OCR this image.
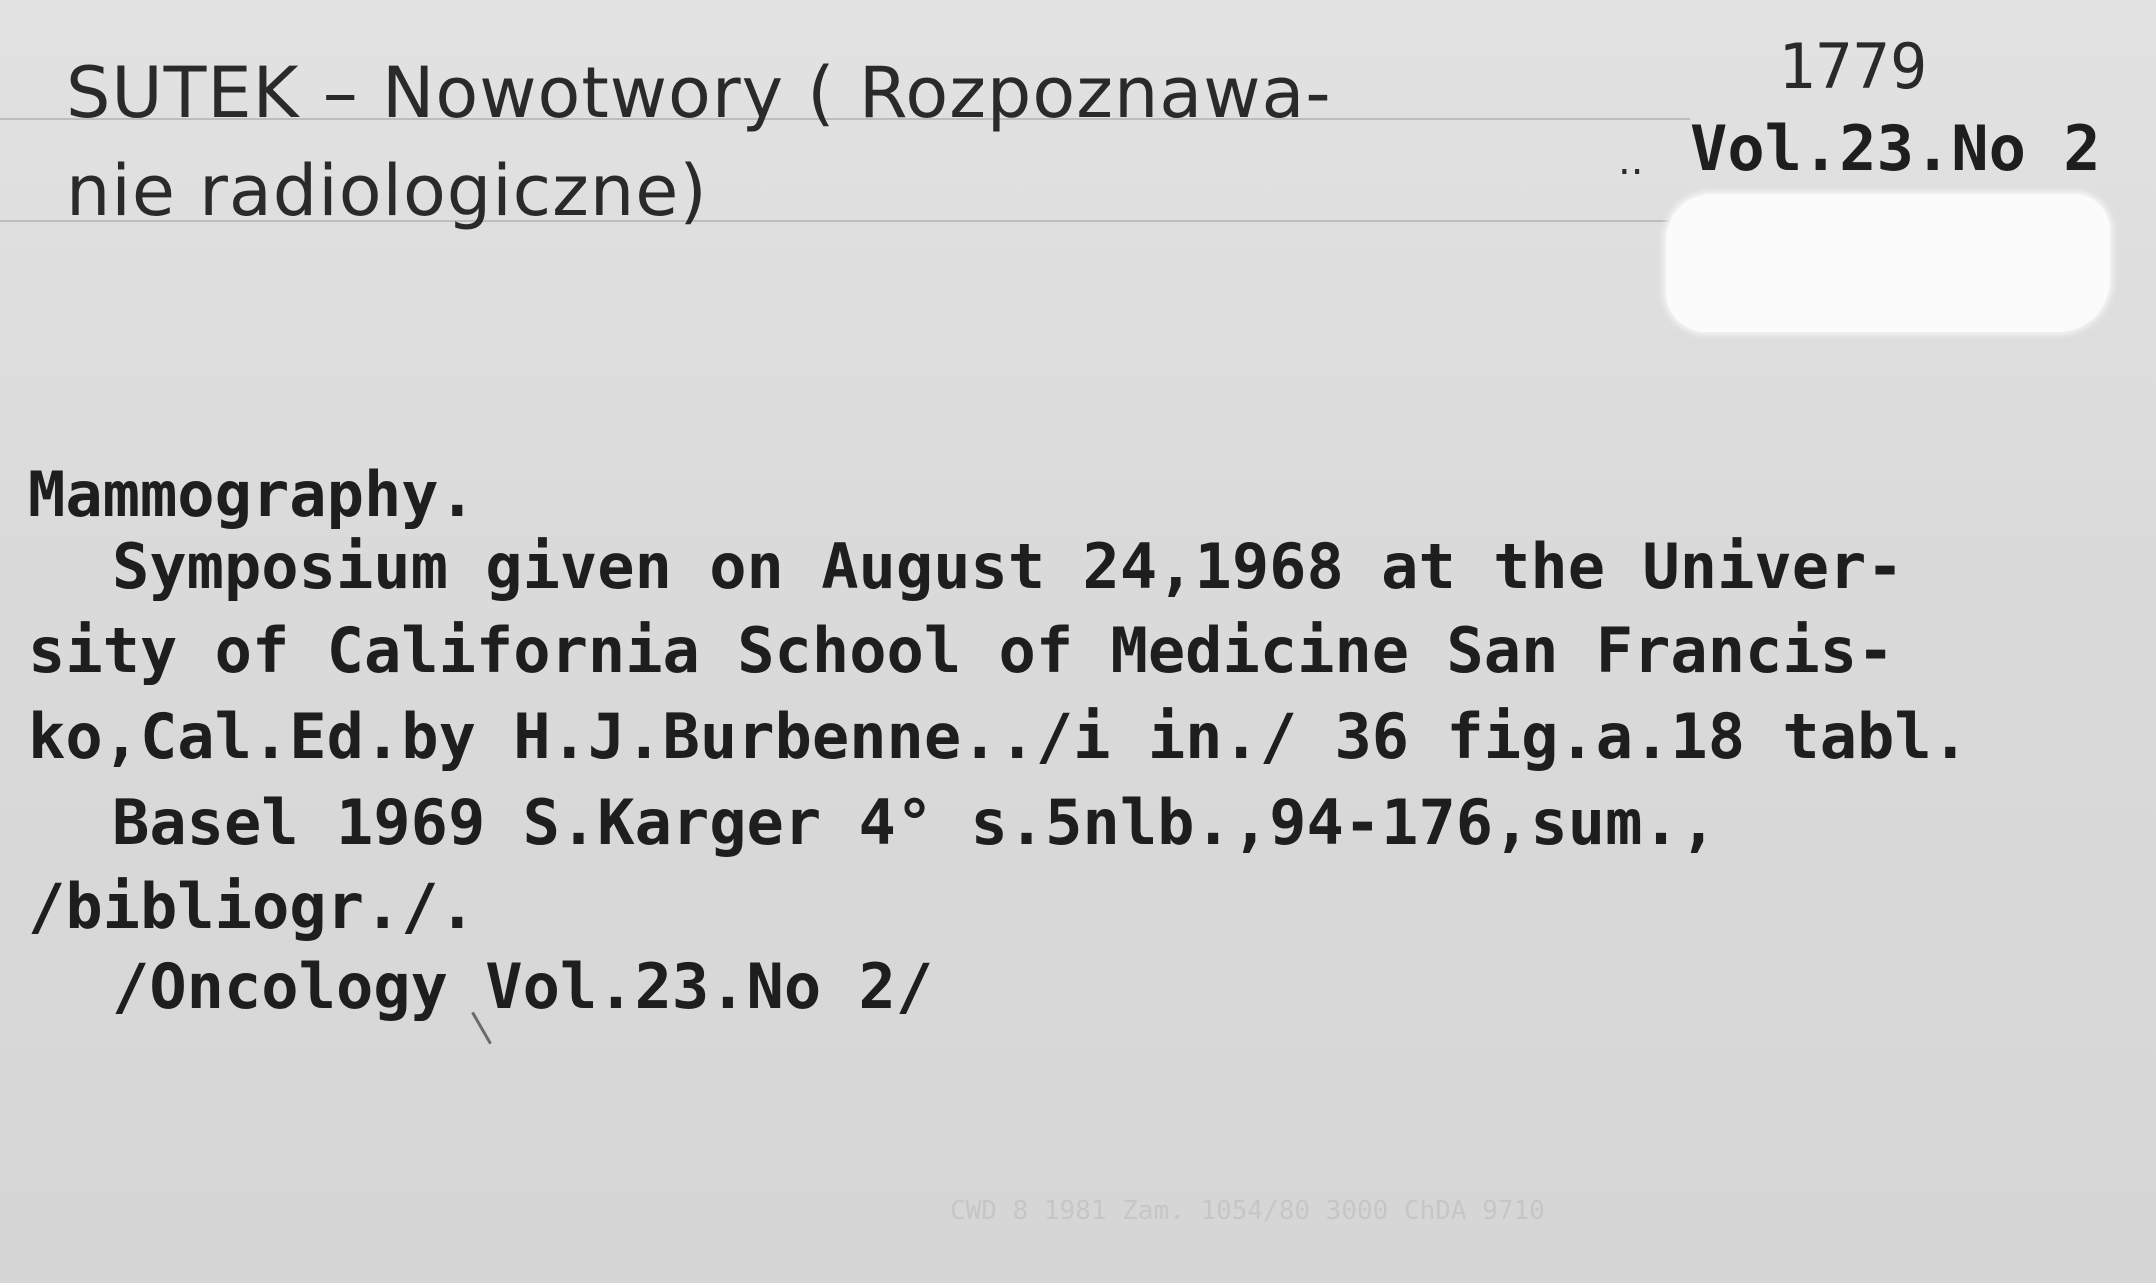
SUTEK – Nowotwory ( Rozpoznawa-
nie radiologiczne)	..
1779
Vol.23.No 2
Mammography.
Symposium given on August 24,1968 at the Univer-
sity of California School of Medicine San Francis-
ko,Cal.Ed.by H.J.Burbenne../i in./ 36 fig.a.18 tabl.
Basel 1969 S.Karger 4° s.5nlb.,94-176,sum.,
/bibliogr./.
/Oncology Vol.23.No 2/
CWD 8 1981 Zam. 1054/80 3000 ChDA 9710
